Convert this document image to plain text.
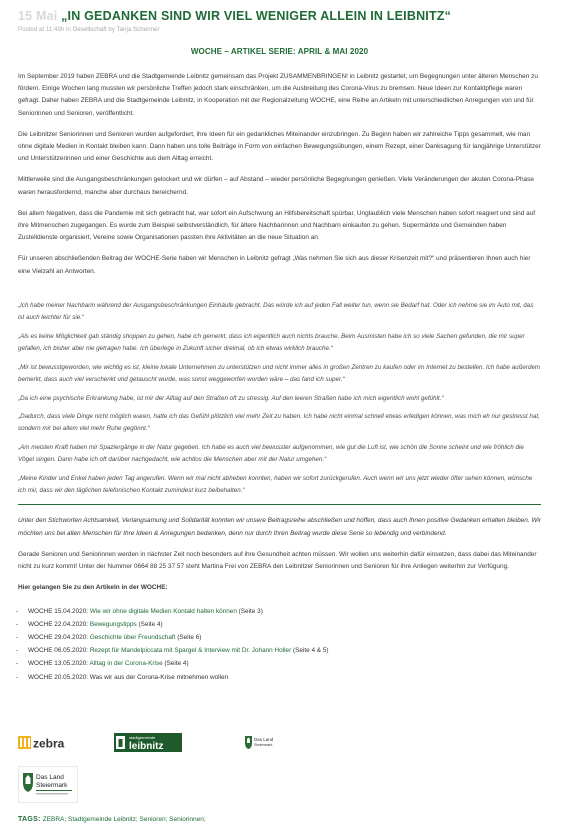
15 Mai „IN GEDANKEN SIND WIR VIEL WENIGER ALLEIN IN LEIBNITZ“
Posted at 11:49h in Gesellschaft by Tanja Schenner
WOCHE – ARTIKEL SERIE: APRIL & MAI 2020

Im September 2019 haben ZEBRA und die Stadtgemeinde Leibnitz gemeinsam das Projekt ZUSAMMENBRINGEN! in Leibnitz gestartet, um Begegnungen unter älteren Menschen zu fördern. Einige Wochen lang mussten wir persönliche Treffen jedoch stark einschränken, um die Ausbreitung des Corona-Virus zu bremsen. Neue Ideen zur Kontaktpflege waren gefragt. Daher haben ZEBRA und die Stadtgemeinde Leibnitz, in Kooperation mit der Regionalzeitung WOCHE, eine Reihe an Artikeln mit unterschiedlichen Anregungen von und für Seniorinnen und Senioren, veröffentlicht.

Die Leibnitzer Seniorinnen und Senioren wurden aufgefordert, ihre Ideen für ein gedankliches Miteinander einzubringen. Zu Beginn haben wir zahlreiche Tipps gesammelt, wie man ohne digitale Medien in Kontakt bleiben kann. Dann haben uns tolle Beiträge in Form von einfachen Bewegungsübungen, einem Rezept, einer Danksagung für langjährige Unterstützer und Unterstützerinnen und einer Geschichte aus dem Alltag erreicht.

Mittlerweile sind die Ausgangsbeschränkungen gelockert und wir dürfen – auf Abstand – wieder persönliche Begegnungen genießen. Viele Veränderungen der akuten Corona-Phase waren herausfordernd, manche aber durchaus bereichernd.

Bei allem Negativen, dass die Pandemie mit sich gebracht hat, war sofort ein Aufschwung an Hilfsbereitschaft spürbar. Unglaublich viele Menschen haben sofort reagiert und sind auf ihre Mitmenschen zugegangen. Es wurde zum Beispiel selbstverständlich, für ältere Nachbarinnen und Nachbarn einkaufen zu gehen. Supermärkte und Gemeinden haben Zustelldienste organisiert, Vereine sowie Organisationen passten ihre Aktivitäten an die neue Situation an.

Für unseren abschließenden Beitrag der WOCHE-Serie haben wir Menschen in Leibnitz gefragt „Was nehmen Sie sich aus dieser Krisenzeit mit?“ und präsentieren Ihnen auch hier eine Vielzahl an Antworten.

„Ich habe meiner Nachbarin während der Ausgangsbeschränkungen Einhäufe gebracht. Das würde ich auf jeden Fall weiter tun, wenn sie Bedarf hat. Oder ich nehme sie im Auto mit, das ist auch leichter für sie.“

„Als es keine Möglichkeit gab ständig shoppen zu gehen, habe ich gemerkt, dass ich eigentlich auch nichts brauche. Beim Ausmisten habe ich so viele Sachen gefunden, die mir super gefallen, ich bisher aber nie getragen habe. Ich überlege in Zukunft sicher dreimal, ob ich etwas wirklich brauche.“

„Mir ist bewusstgeworden, wie wichtig es ist, kleine lokale Unternehmen zu unterstützen und nicht immer alles in großen Zentren zu kaufen oder im Internet zu bestellen. Ich habe außerdem bemerkt, dass auch viel verschenkt und getauscht wurde, was sonst weggeworfen worden wäre – das fand ich super.“

„Da ich eine psychische Erkrankung habe, ist mir der Alltag auf den Straßen oft zu stressig. Auf den leeren Straßen habe ich mich eigentlich wohl gefühlt.“

„Dadurch, dass viele Dinge nicht möglich waren, hatte ich das Gefühl plötzlich viel mehr Zeit zu haben. Ich habe nicht einmal schnell etwas erledigen können, was mich eh nur gestresst hat, sondern mir bei allem viel mehr Ruhe gegönnt.“

„Am meisten Kraft haben mir Spaziergänge in der Natur gegeben. Ich habe es auch viel bewusster aufgenommen, wie gut die Luft ist, wie schön die Sonne scheint und wie fröhlich die Vögel singen. Dann habe ich oft darüber nachgedacht, wie achtlos die Menschen aber mit der Natur umgehen.“

„Meine Kinder und Enkel haben jeden Tag angerufen. Wenn wir mal nicht abheben konnten, haben wir sofort zurückgerufen. Auch wenn wir uns jetzt wieder öfter sehen können, wünsche ich mir, dass wir den täglichen telefonischen Kontakt zumindest kurz beibehalten.“

Unter den Stichworten Achtsamkeit, Verlangsamung und Solidarität konnten wir unsere Beitragsreihe abschließen und hoffen, dass auch Ihnen positive Gedanken erhalten bleiben. Wir möchten uns bei allen Menschen für Ihre Ideen & Anregungen bedanken, denn nur durch Ihren Beitrag wurde diese Serie so lebendig und verbindend.

Gerade Senioren und Seniorinnen werden in nächster Zeit noch besonders auf ihre Gesundheit achten müssen. Wir wollen uns weiterhin dafür einsetzen, dass dabei das Miteinander nicht zu kurz kommt! Unter der Nummer 0664 88 25 37 57 steht Martina Frei von ZEBRA den Leibnitzer Seniorinnen und Senioren für ihre Anliegen weiterhin zur Verfügung.

Hier gelangen Sie zu den Artikeln in der WOCHE:

- WOCHE 15.04.2020: Wie wir ohne digitale Medien Kontakt halten können (Seite 3)
- WOCHE 22.04.2020: Bewegungstipps (Seite 4)
- WOCHE 29.04.2020: Geschichte über Freundschaft (Seite 6)
- WOCHE 06.05.2020: Rezept für Mandelpiccata mit Spargel & Interview mit Dr. Johann Holler (Seite 4 & 5)
- WOCHE 13.05.2020: Alltag in der Corona-Krise (Seite 4)
- WOCHE 20.05.2020: Was wir aus der Corona-Krise mitnehmen wollen
zebra	stadtgemeinde
leibnitz
Das Land
Steiermark
Das Land
Steiermark
TAGS: ZEBRA; Stadtgemeinde Leibnitz; Senioren; Seniorinnen;
